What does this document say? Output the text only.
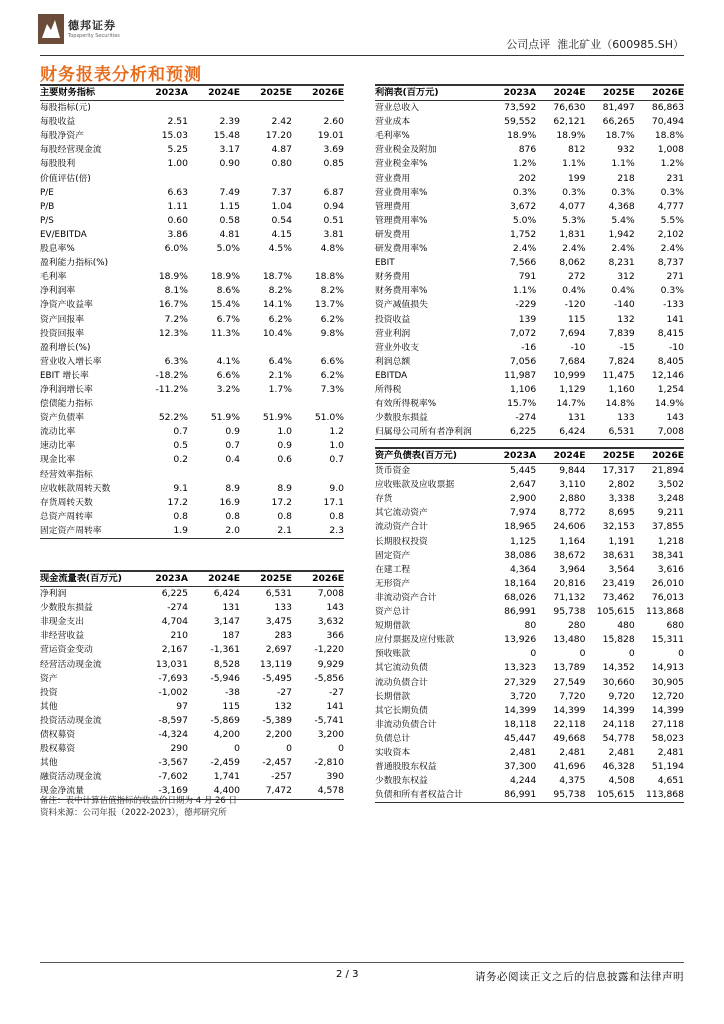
德邦证券
Topsperity Securities
公司点评 淮北矿业（600985.SH）
财务报表分析和预测
主要财务指标	2023A	2024E	2025E	2026E
每股指标(元)				
每股收益	2.51	2.39	2.42	2.60
每股净资产	15.03	15.48	17.20	19.01
每股经营现金流	5.25	3.17	4.87	3.69
每股股利	1.00	0.90	0.80	0.85
价值评估(倍)				
P/E	6.63	7.49	7.37	6.87
P/B	1.11	1.15	1.04	0.94
P/S	0.60	0.58	0.54	0.51
EV/EBITDA	3.86	4.81	4.15	3.81
股息率%	6.0%	5.0%	4.5%	4.8%
盈利能力指标(%)				
毛利率	18.9%	18.9%	18.7%	18.8%
净利润率	8.1%	8.6%	8.2%	8.2%
净资产收益率	16.7%	15.4%	14.1%	13.7%
资产回报率	7.2%	6.7%	6.2%	6.2%
投资回报率	12.3%	11.3%	10.4%	9.8%
盈利增长(%)				
营业收入增长率	6.3%	4.1%	6.4%	6.6%
EBIT 增长率	-18.2%	6.6%	2.1%	6.2%
净利润增长率	-11.2%	3.2%	1.7%	7.3%
偿债能力指标				
资产负债率	52.2%	51.9%	51.9%	51.0%
流动比率	0.7	0.9	1.0	1.2
速动比率	0.5	0.7	0.9	1.0
现金比率	0.2	0.4	0.6	0.7
经营效率指标				
应收帐款周转天数	9.1	8.9	8.9	9.0
存货周转天数	17.2	16.9	17.2	17.1
总资产周转率	0.8	0.8	0.8	0.8
固定资产周转率	1.9	2.0	2.1	2.3
现金流量表(百万元)	2023A	2024E	2025E	2026E
净利润	6,225	6,424	6,531	7,008
少数股东损益	-274	131	133	143
非现金支出	4,704	3,147	3,475	3,632
非经营收益	210	187	283	366
营运资金变动	2,167	-1,361	2,697	-1,220
经营活动现金流	13,031	8,528	13,119	9,929
资产	-7,693	-5,946	-5,495	-5,856
投资	-1,002	-38	-27	-27
其他	97	115	132	141
投资活动现金流	-8,597	-5,869	-5,389	-5,741
债权募资	-4,324	4,200	2,200	3,200
股权募资	290	0	0	0
其他	-3,567	-2,459	-2,457	-2,810
融资活动现金流	-7,602	1,741	-257	390
现金净流量	-3,169	4,400	7,472	4,578
利润表(百万元)	2023A	2024E	2025E	2026E
营业总收入	73,592	76,630	81,497	86,863
营业成本	59,552	62,121	66,265	70,494
毛利率%	18.9%	18.9%	18.7%	18.8%
营业税金及附加	876	812	932	1,008
营业税金率%	1.2%	1.1%	1.1%	1.2%
营业费用	202	199	218	231
营业费用率%	0.3%	0.3%	0.3%	0.3%
管理费用	3,672	4,077	4,368	4,777
管理费用率%	5.0%	5.3%	5.4%	5.5%
研发费用	1,752	1,831	1,942	2,102
研发费用率%	2.4%	2.4%	2.4%	2.4%
EBIT	7,566	8,062	8,231	8,737
财务费用	791	272	312	271
财务费用率%	1.1%	0.4%	0.4%	0.3%
资产减值损失	-229	-120	-140	-133
投资收益	139	115	132	141
营业利润	7,072	7,694	7,839	8,415
营业外收支	-16	-10	-15	-10
利润总额	7,056	7,684	7,824	8,405
EBITDA	11,987	10,999	11,475	12,146
所得税	1,106	1,129	1,160	1,254
有效所得税率%	15.7%	14.7%	14.8%	14.9%
少数股东损益	-274	131	133	143
归属母公司所有者净利润	6,225	6,424	6,531	7,008
资产负债表(百万元)	2023A	2024E	2025E	2026E
货币资金	5,445	9,844	17,317	21,894
应收账款及应收票据	2,647	3,110	2,802	3,502
存货	2,900	2,880	3,338	3,248
其它流动资产	7,974	8,772	8,695	9,211
流动资产合计	18,965	24,606	32,153	37,855
长期股权投资	1,125	1,164	1,191	1,218
固定资产	38,086	38,672	38,631	38,341
在建工程	4,364	3,964	3,564	3,616
无形资产	18,164	20,816	23,419	26,010
非流动资产合计	68,026	71,132	73,462	76,013
资产总计	86,991	95,738	105,615	113,868
短期借款	80	280	480	680
应付票据及应付账款	13,926	13,480	15,828	15,311
预收账款	0	0	0	0
其它流动负债	13,323	13,789	14,352	14,913
流动负债合计	27,329	27,549	30,660	30,905
长期借款	3,720	7,720	9,720	12,720
其它长期负债	14,399	14,399	14,399	14,399
非流动负债合计	18,118	22,118	24,118	27,118
负债总计	45,447	49,668	54,778	58,023
实收资本	2,481	2,481	2,481	2,481
普通股股东权益	37,300	41,696	46,328	51,194
少数股东权益	4,244	4,375	4,508	4,651
负债和所有者权益合计	86,991	95,738	105,615	113,868
备注：表中计算估值指标的收盘价日期为 4 月 26 日
资料来源：公司年报（2022-2023），德邦研究所
2 / 3	请务必阅读正文之后的信息披露和法律声明
